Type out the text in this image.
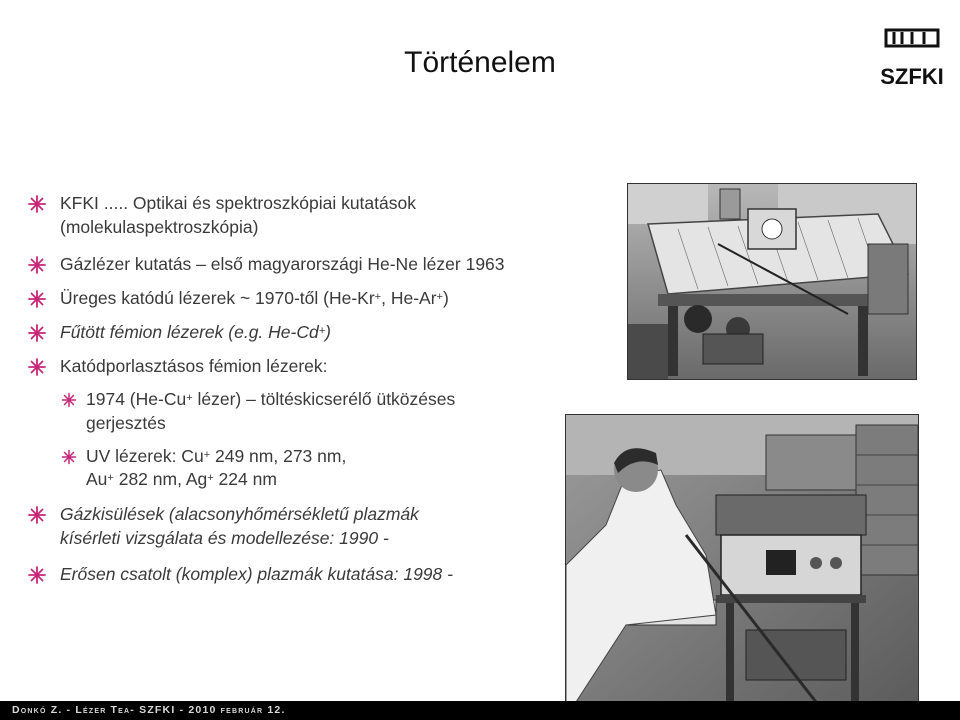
Történelem	SZFKI
KFKI ..... Optikai és spektroszkópiai kutatások
(molekulaspektroszkópia)
Gázlézer kutatás – első magyarországi He-Ne lézer 1963
Üreges katódú lézerek ~ 1970-től (He-Kr+, He-Ar+)
Fűtött fémion lézerek (e.g. He-Cd+)
Katódporlasztásos fémion lézerek:
1974 (He-Cu+ lézer) – töltéskicserélő ütközéses
gerjesztés
UV lézerek: Cu+ 249 nm, 273 nm,
Au+ 282 nm, Ag+ 224 nm
Gázkisülések (alacsonyhőmérsékletű plazmák
kísérleti vizsgálata és modellezése: 1990 -
Erősen csatolt (komplex) plazmák kutatása: 1998 -
Donkó Z. - Lézer Tea- SZFKI - 2010 február 12.
